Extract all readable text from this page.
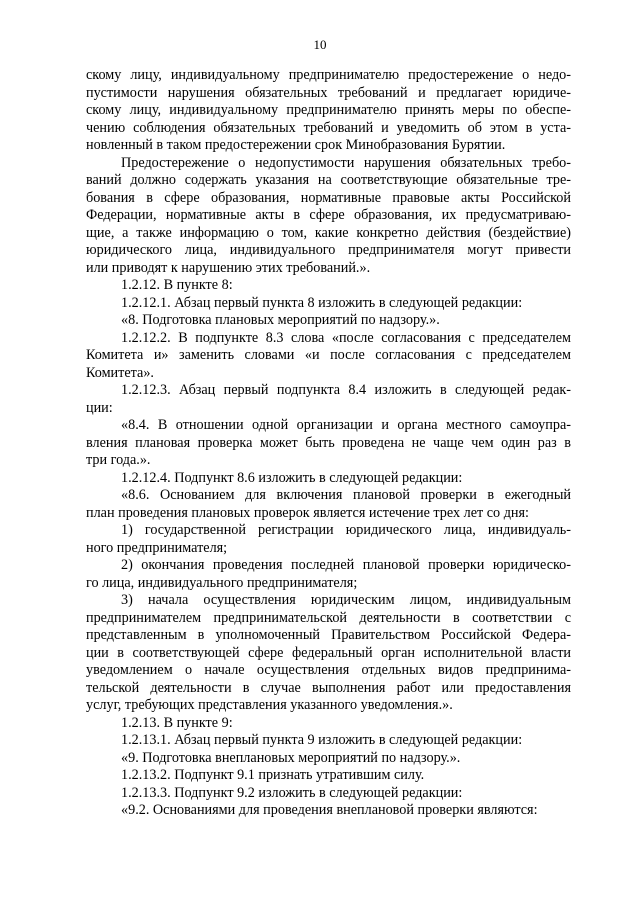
10
скому лицу, индивидуальному предпринимателю предостережение о недо-
пустимости нарушения обязательных требований и предлагает юридиче-
скому лицу, индивидуальному предпринимателю принять меры по обеспе-
чению соблюдения обязательных требований и уведомить об этом в уста-
новленный в таком предостережении срок Минобразования Бурятии.
Предостережение о недопустимости нарушения обязательных требо-
ваний должно содержать указания на соответствующие обязательные тре-
бования в сфере образования, нормативные правовые акты Российской
Федерации, нормативные акты в сфере образования, их предусматриваю-
щие, а также информацию о том, какие конкретно действия (бездействие)
юридического лица, индивидуального предпринимателя могут привести
или приводят к нарушению этих требований.».
1.2.12. В пункте 8:
1.2.12.1. Абзац первый пункта 8 изложить в следующей редакции:
«8. Подготовка плановых мероприятий по надзору.».
1.2.12.2. В подпункте 8.3 слова «после согласования с председателем
Комитета и» заменить словами «и после согласования с председателем
Комитета».
1.2.12.3. Абзац первый подпункта 8.4 изложить в следующей редак-
ции:
«8.4. В отношении одной организации и органа местного самоупра-
вления плановая проверка может быть проведена не чаще чем один раз в
три года.».
1.2.12.4. Подпункт 8.6 изложить в следующей редакции:
«8.6. Основанием для включения плановой проверки в ежегодный
план проведения плановых проверок является истечение трех лет со дня:
1) государственной регистрации юридического лица, индивидуаль-
ного предпринимателя;
2) окончания проведения последней плановой проверки юридическо-
го лица, индивидуального предпринимателя;
3) начала осуществления юридическим лицом, индивидуальным
предпринимателем предпринимательской деятельности в соответствии с
представленным в уполномоченный Правительством Российской Федера-
ции в соответствующей сфере федеральный орган исполнительной власти
уведомлением о начале осуществления отдельных видов предпринима-
тельской деятельности в случае выполнения работ или предоставления
услуг, требующих представления указанного уведомления.».
1.2.13. В пункте 9:
1.2.13.1. Абзац первый пункта 9 изложить в следующей редакции:
«9. Подготовка внеплановых мероприятий по надзору.».
1.2.13.2. Подпункт 9.1 признать утратившим силу.
1.2.13.3. Подпункт 9.2 изложить в следующей редакции:
«9.2. Основаниями для проведения внеплановой проверки являются:
